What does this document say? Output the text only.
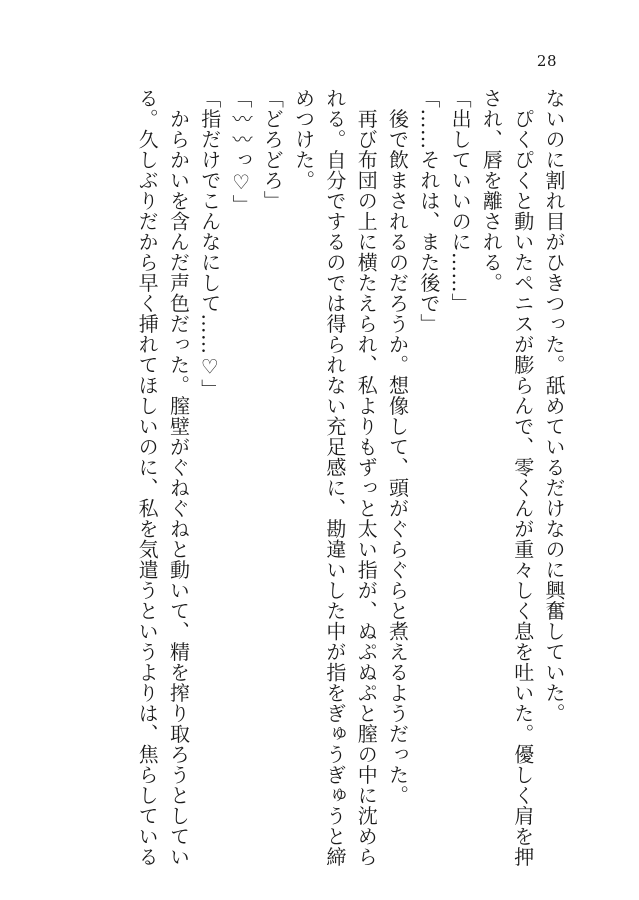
28
ないのに割れ目がひきつった。舐めているだけなのに興奮していた。
　ぴくぴくと動いたペニスが膨らんで、零くんが重々しく息を吐いた。優しく肩を押
され、唇を離される。
「出していいのに……」
「……それは、また後で」
　後で飲まされるのだろうか。想像して、頭がぐらぐらと煮えるようだった。
　再び布団の上に横たえられ、私よりもずっと太い指が、ぬぷぬぷと膣の中に沈めら
れる。自分でするのでは得られない充足感に、勘違いした中が指をぎゅうぎゅうと締
めつけた。
「どろどろ」
「〰〰っ♡」
「指だけでこんなにして……♡」
　からかいを含んだ声色だった。膣壁がぐねぐねと動いて、精を搾り取ろうとしてい
る。久しぶりだから早く挿れてほしいのに、私を気遣うというよりは、焦らしている
